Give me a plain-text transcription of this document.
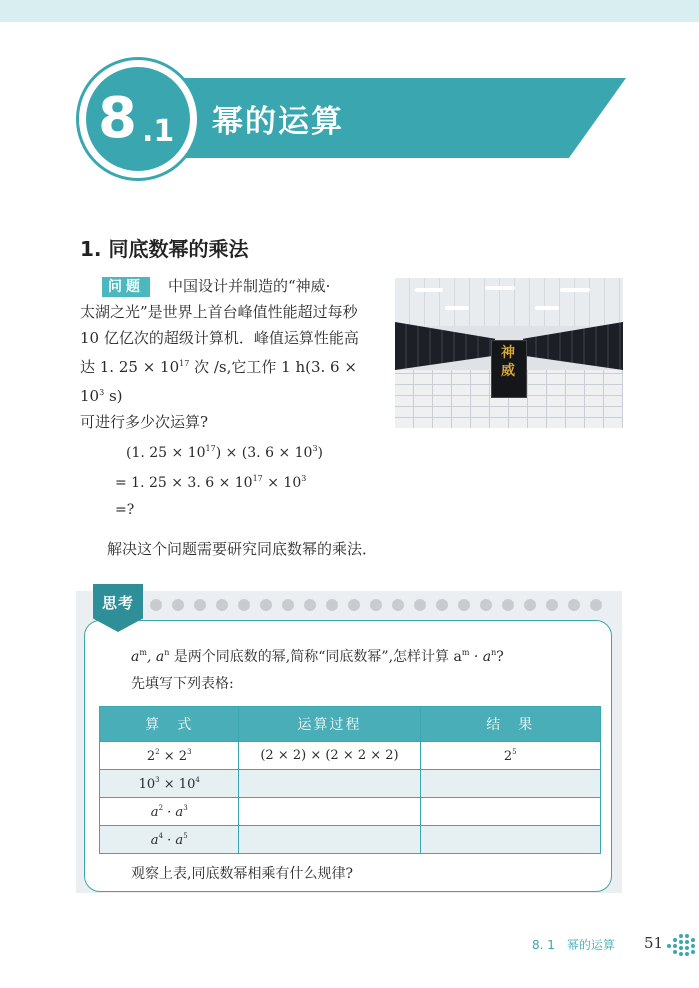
幂的运算
8 .1
1. 同底数幂的乘法
问题 中国设计并制造的“神威·
太湖之光”是世界上首台峰值性能超过每秒
10 亿亿次的超级计算机．峰值运算性能高
达 1. $25 \times 10^{17}$ 次 /s,它工作 1 h(3. $6 \times 10^3$ s)
可进行多少次运算?
神威
(1. $25 \times 10^{17}) \times (3$. $6 \times 10^3$)
= 1. 25 × 3. $6 \times 10^{17} \times 10^3$
=?
解决这个问题需要研究同底数幂的乘法．
思考
$a^m$, $a^n$ 是两个同底数的幂,简称“同底数幂”,怎样计算 $a^m \cdot a^n$?
先填写下列表格:
算　式	运算过程	结　果
$2^2 \times 2^3$	(2 × 2) × (2 × 2 × 2)	$2^5$
$10^3 \times 10^4$		
$a^2 \cdot a^3$		
$a^4 \cdot a^5$		
观察上表,同底数幂相乘有什么规律?
8. 1　幂的运算 51
